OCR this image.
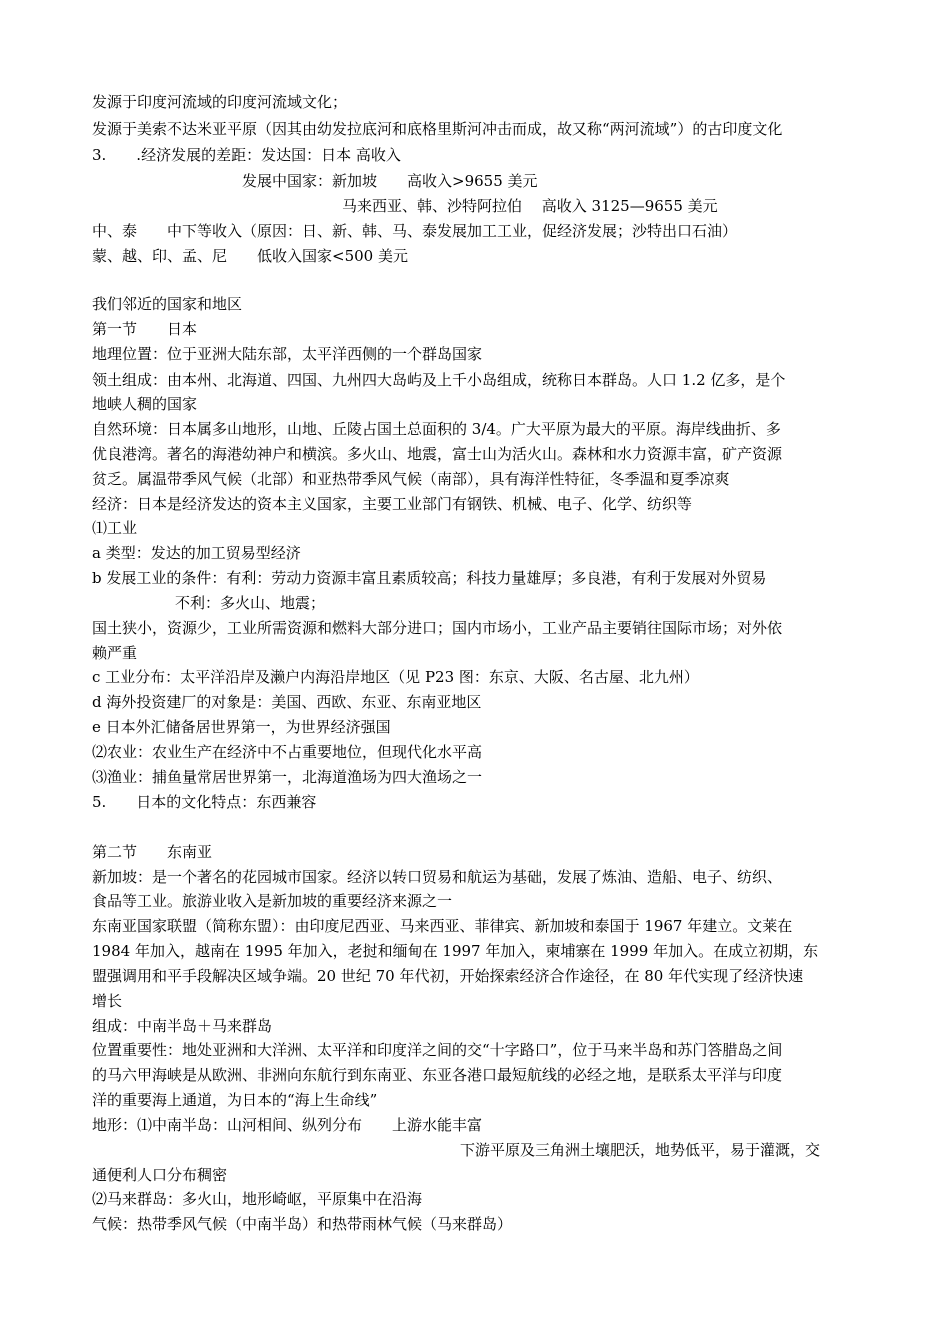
发源于印度河流域的印度河流域文化；
发源于美索不达米亚平原（因其由幼发拉底河和底格里斯河冲击而成，故又称“两河流域”）的古印度文化
3.　　.经济发展的差距：发达国：日本 高收入
发展中国家：新加坡　　高收入>9655 美元
马来西亚、韩、沙特阿拉伯　 高收入 3125—9655 美元
中、泰　　中下等收入（原因：日、新、韩、马、泰发展加工工业，促经济发展；沙特出口石油）
蒙、越、印、孟、尼　　低收入国家<500 美元
我们邻近的国家和地区
第一节　　日本
地理位置：位于亚洲大陆东部，太平洋西侧的一个群岛国家
领土组成：由本州、北海道、四国、九州四大岛屿及上千小岛组成，统称日本群岛。人口 1.2 亿多，是个
地峡人稠的国家
自然环境：日本属多山地形，山地、丘陵占国土总面积的 3/4。广大平原为最大的平原。海岸线曲折、多
优良港湾。著名的海港幼神户和横滨。多火山、地震，富士山为活火山。森林和水力资源丰富，矿产资源
贫乏。属温带季风气候（北部）和亚热带季风气候（南部），具有海洋性特征，冬季温和夏季凉爽
经济：日本是经济发达的资本主义国家，主要工业部门有钢铁、机械、电子、化学、纺织等
⑴工业
a 类型：发达的加工贸易型经济
b 发展工业的条件：有利：劳动力资源丰富且素质较高；科技力量雄厚；多良港，有利于发展对外贸易
不利：多火山、地震；
国土狭小，资源少，工业所需资源和燃料大部分进口；国内市场小，工业产品主要销往国际市场；对外依
赖严重
c 工业分布：太平洋沿岸及濑户内海沿岸地区（见 P23 图：东京、大阪、名古屋、北九州）
d 海外投资建厂的对象是：美国、西欧、东亚、东南亚地区
e 日本外汇储备居世界第一，为世界经济强国
⑵农业：农业生产在经济中不占重要地位，但现代化水平高
⑶渔业：捕鱼量常居世界第一，北海道渔场为四大渔场之一
5.　　日本的文化特点：东西兼容
第二节　　东南亚
新加坡：是一个著名的花园城市国家。经济以转口贸易和航运为基础，发展了炼油、造船、电子、纺织、
食品等工业。旅游业收入是新加坡的重要经济来源之一
东南亚国家联盟（简称东盟）：由印度尼西亚、马来西亚、菲律宾、新加坡和泰国于 1967 年建立。文莱在
1984 年加入，越南在 1995 年加入，老挝和缅甸在 1997 年加入，柬埔寨在 1999 年加入。在成立初期，东
盟强调用和平手段解决区域争端。20 世纪 70 年代初，开始探索经济合作途径，在 80 年代实现了经济快速
增长
组成：中南半岛＋马来群岛
位置重要性：地处亚洲和大洋洲、太平洋和印度洋之间的交“十字路口”，位于马来半岛和苏门答腊岛之间
的马六甲海峡是从欧洲、非洲向东航行到东南亚、东亚各港口最短航线的必经之地，是联系太平洋与印度
洋的重要海上通道，为日本的“海上生命线”
地形：⑴中南半岛：山河相间、纵列分布　　上游水能丰富
下游平原及三角洲土壤肥沃，地势低平，易于灌溉，交
通便利人口分布稠密
⑵马来群岛：多火山，地形崎岖，平原集中在沿海
气候：热带季风气候（中南半岛）和热带雨林气候（马来群岛）
